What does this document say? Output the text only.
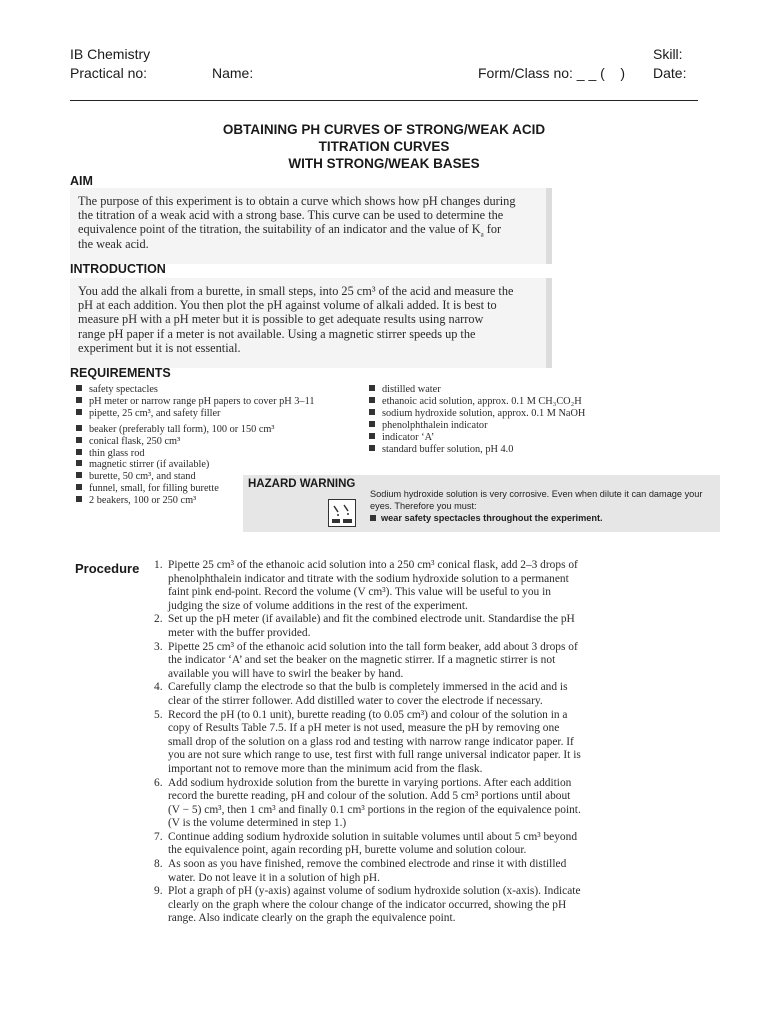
IB Chemistry	Skill:
Practical no:	Name:	Form/Class no: _ _ (    ) Date:
OBTAINING PH CURVES OF STRONG/WEAK ACID
TITRATION CURVES
WITH STRONG/WEAK BASES
AIM

The purpose of this experiment is to obtain a curve which shows how pH changes during

the titration of a weak acid with a strong base. This curve can be used to determine the

equivalence point of the titration, the suitability of an indicator and the value of $K_a$ for

the weak acid.

INTRODUCTION

You add the alkali from a burette, in small steps, into 25 cm³ of the acid and measure the

pH at each addition. You then plot the pH against volume of alkali added. It is best to

measure pH with a pH meter but it is possible to get adequate results using narrow

range pH paper if a meter is not available. Using a magnetic stirrer speeds up the

experiment but it is not essential.

REQUIREMENTS
safety spectacles
pH meter or narrow range pH papers to cover pH 3–11
pipette, 25 cm³, and safety filler
beaker (preferably tall form), 100 or 150 cm³
conical flask, 250 cm³
thin glass rod
magnetic stirrer (if available)
burette, 50 cm³, and stand
funnel, small, for filling burette
2 beakers, 100 or 250 cm³
distilled water
ethanoic acid solution, approx. 0.1 M CH₃CO₂H
sodium hydroxide solution, approx. 0.1 M NaOH
phenolphthalein indicator
indicator ‘A’
standard buffer solution, pH 4.0
HAZARD WARNING
Sodium hydroxide solution is very corrosive. Even when dilute it can damage your
eyes. Therefore you must:
wear safety spectacles throughout the experiment.
Procedure 1. Pipette 25 cm³ of the ethanoic acid solution into a 250 cm³ conical flask, add 2–3 drops of phenolphthalein indicator and titrate with the sodium hydroxide solution to a permanent faint pink end-point. Record the volume (V cm³). This value will be useful to you in judging the size of volume additions in the rest of the experiment.
2. Set up the pH meter (if available) and fit the combined electrode unit. Standardise the pH meter with the buffer provided.
3. Pipette 25 cm³ of the ethanoic acid solution into the tall form beaker, add about 3 drops of the indicator ‘A’ and set the beaker on the magnetic stirrer. If a magnetic stirrer is not available you will have to swirl the beaker by hand.
4. Carefully clamp the electrode so that the bulb is completely immersed in the acid and is clear of the stirrer follower. Add distilled water to cover the electrode if necessary.
5. Record the pH (to 0.1 unit), burette reading (to 0.05 cm³) and colour of the solution in a copy of Results Table 7.5. If a pH meter is not used, measure the pH by removing one small drop of the solution on a glass rod and testing with narrow range indicator paper. If you are not sure which range to use, test first with full range universal indicator paper. It is important not to remove more than the minimum acid from the flask.
6. Add sodium hydroxide solution from the burette in varying portions. After each addition record the burette reading, pH and colour of the solution. Add 5 cm³ portions until about (V − 5) cm³, then 1 cm³ and finally 0.1 cm³ portions in the region of the equivalence point. (V is the volume determined in step 1.)
7. Continue adding sodium hydroxide solution in suitable volumes until about 5 cm³ beyond the equivalence point, again recording pH, burette volume and solution colour.
8. As soon as you have finished, remove the combined electrode and rinse it with distilled water. Do not leave it in a solution of high pH.
9. Plot a graph of pH (y-axis) against volume of sodium hydroxide solution (x-axis). Indicate clearly on the graph where the colour change of the indicator occurred, showing the pH range. Also indicate clearly on the graph the equivalence point.
